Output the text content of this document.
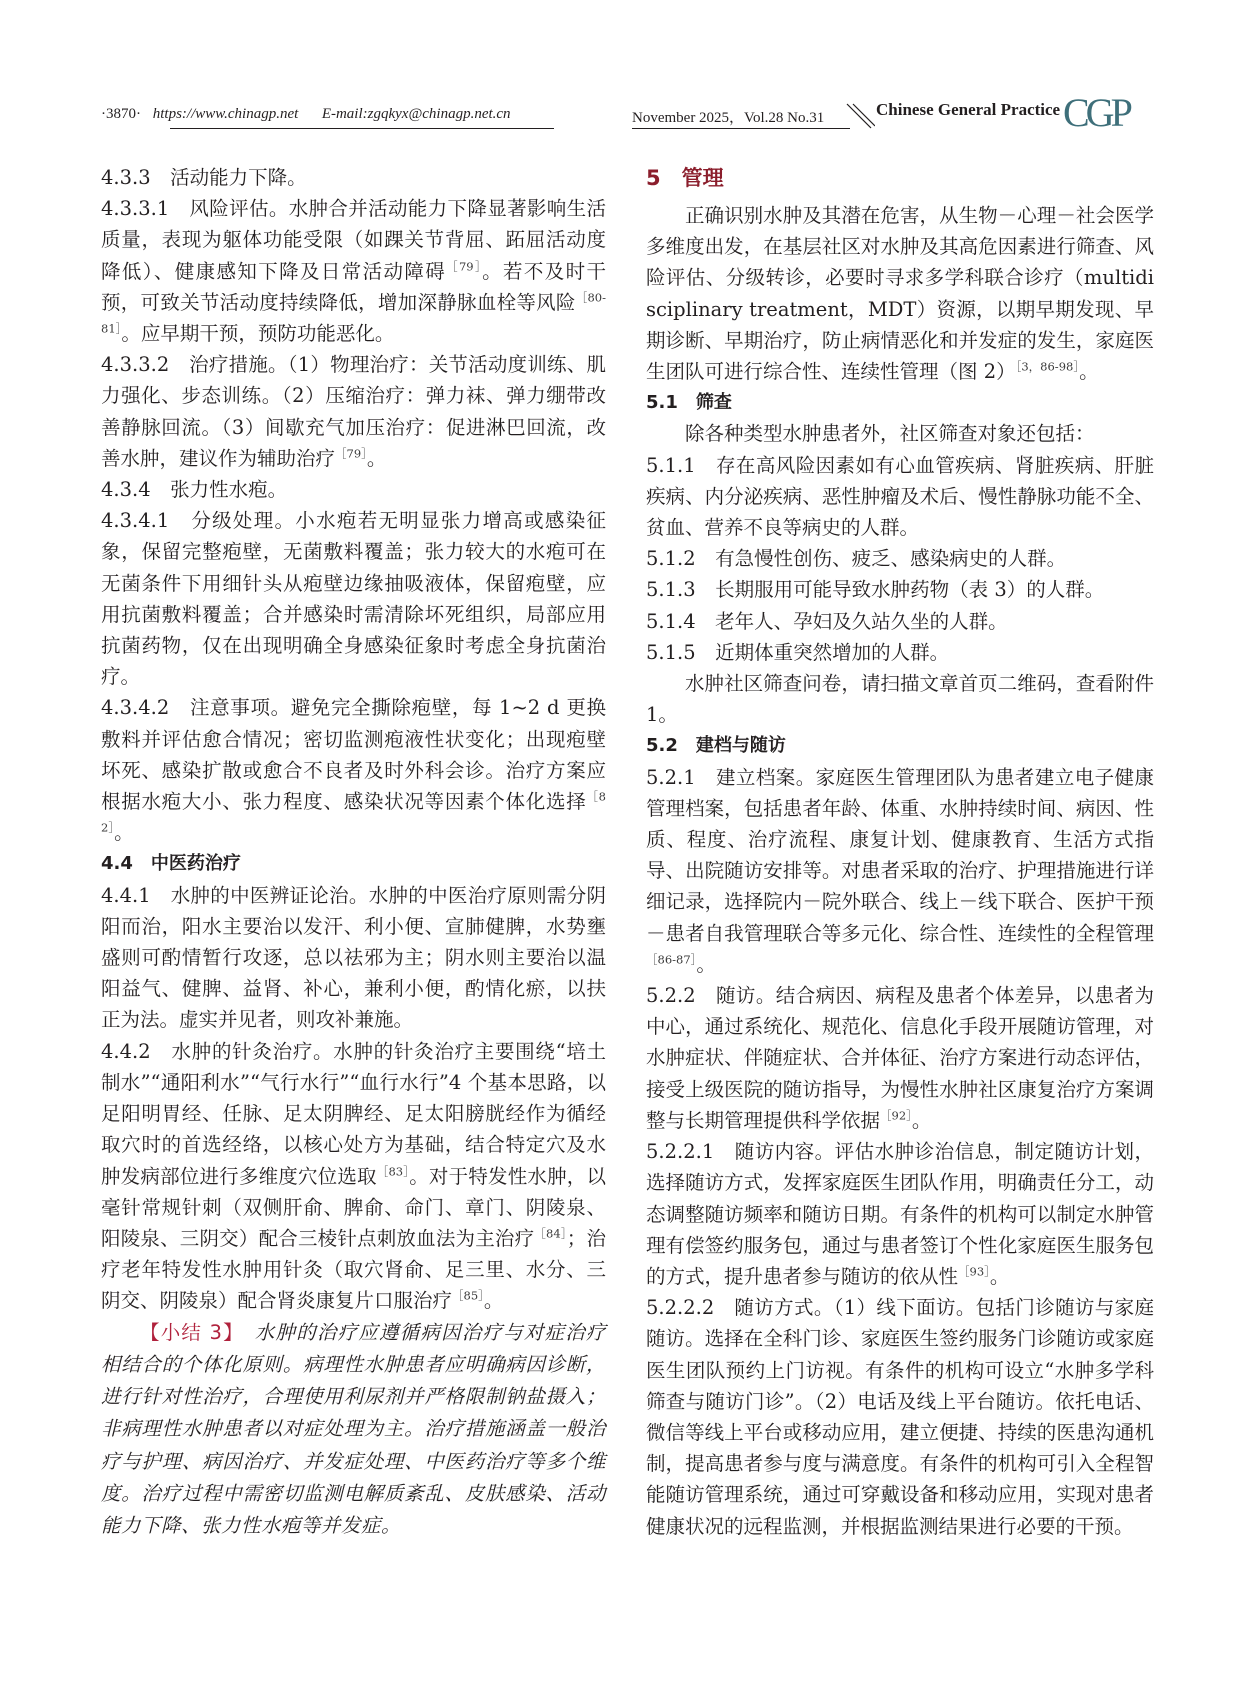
·3870· https://www.chinagp.net E-mail:zgqkyx@chinagp.net.cn	November 2025，Vol.28 No.31	Chinese General Practice CGP

4.3.3　活动能力下降。

4.3.3.1　风险评估。水肿合并活动能力下降显著影响生活质量，表现为躯体功能受限（如踝关节背屈、跖屈活动度降低）、健康感知下降及日常活动障碍$^{[79]}$。若不及时干预，可致关节活动度持续降低，增加深静脉血栓等风险$^{[80-81]}$。应早期干预，预防功能恶化。

4.3.3.2　治疗措施。（1）物理治疗：关节活动度训练、肌力强化、步态训练。（2）压缩治疗：弹力袜、弹力绷带改善静脉回流。（3）间歇充气加压治疗：促进淋巴回流，改善水肿，建议作为辅助治疗$^{[79]}$。

4.3.4　张力性水疱。

4.3.4.1　分级处理。小水疱若无明显张力增高或感染征象，保留完整疱壁，无菌敷料覆盖；张力较大的水疱可在无菌条件下用细针头从疱壁边缘抽吸液体，保留疱壁，应用抗菌敷料覆盖；合并感染时需清除坏死组织，局部应用抗菌药物，仅在出现明确全身感染征象时考虑全身抗菌治疗。

4.3.4.2　注意事项。避免完全撕除疱壁，每 1~2 d 更换敷料并评估愈合情况；密切监测疱液性状变化；出现疱壁坏死、感染扩散或愈合不良者及时外科会诊。治疗方案应根据水疱大小、张力程度、感染状况等因素个体化选择$^{[82]}$。

4.4　中医药治疗

4.4.1　水肿的中医辨证论治。水肿的中医治疗原则需分阴阳而治，阳水主要治以发汗、利小便、宣肺健脾，水势壅盛则可酌情暂行攻逐，总以祛邪为主；阴水则主要治以温阳益气、健脾、益肾、补心，兼利小便，酌情化瘀，以扶正为法。虚实并见者，则攻补兼施。

4.4.2　水肿的针灸治疗。水肿的针灸治疗主要围绕“培土制水”“通阳利水”“气行水行”“血行水行”4 个基本思路，以足阳明胃经、任脉、足太阴脾经、足太阳膀胱经作为循经取穴时的首选经络，以核心处方为基础，结合特定穴及水肿发病部位进行多维度穴位选取$^{[83]}$。对于特发性水肿，以毫针常规针刺（双侧肝俞、脾俞、命门、章门、阴陵泉、阳陵泉、三阴交）配合三棱针点刺放血法为主治疗$^{[84]}$；治疗老年特发性水肿用针灸（取穴肾俞、足三里、水分、三阴交、阴陵泉）配合肾炎康复片口服治疗$^{[85]}$。

【小结 3】　水肿的治疗应遵循病因治疗与对症治疗相结合的个体化原则。病理性水肿患者应明确病因诊断，进行针对性治疗，合理使用利尿剂并严格限制钠盐摄入；非病理性水肿患者以对症处理为主。治疗措施涵盖一般治疗与护理、病因治疗、并发症处理、中医药治疗等多个维度。治疗过程中需密切监测电解质紊乱、皮肤感染、活动能力下降、张力性水疱等并发症。

5　管理

正确识别水肿及其潜在危害，从生物－心理－社会医学多维度出发，在基层社区对水肿及其高危因素进行筛查、风险评估、分级转诊，必要时寻求多学科联合诊疗（multidisciplinary treatment，MDT）资源，以期早期发现、早期诊断、早期治疗，防止病情恶化和并发症的发生，家庭医生团队可进行综合性、连续性管理（图 2）$^{[3,86-98]}$。

5.1　筛查

除各种类型水肿患者外，社区筛查对象还包括：

5.1.1　存在高风险因素如有心血管疾病、肾脏疾病、肝脏疾病、内分泌疾病、恶性肿瘤及术后、慢性静脉功能不全、贫血、营养不良等病史的人群。

5.1.2　有急慢性创伤、疲乏、感染病史的人群。

5.1.3　长期服用可能导致水肿药物（表 3）的人群。

5.1.4　老年人、孕妇及久站久坐的人群。

5.1.5　近期体重突然增加的人群。

水肿社区筛查问卷，请扫描文章首页二维码，查看附件 1。

5.2　建档与随访

5.2.1　建立档案。家庭医生管理团队为患者建立电子健康管理档案，包括患者年龄、体重、水肿持续时间、病因、性质、程度、治疗流程、康复计划、健康教育、生活方式指导、出院随访安排等。对患者采取的治疗、护理措施进行详细记录，选择院内－院外联合、线上－线下联合、医护干预－患者自我管理联合等多元化、综合性、连续性的全程管理$^{[86-87]}$。

5.2.2　随访。结合病因、病程及患者个体差异，以患者为中心，通过系统化、规范化、信息化手段开展随访管理，对水肿症状、伴随症状、合并体征、治疗方案进行动态评估，接受上级医院的随访指导，为慢性水肿社区康复治疗方案调整与长期管理提供科学依据$^{[92]}$。

5.2.2.1　随访内容。评估水肿诊治信息，制定随访计划，选择随访方式，发挥家庭医生团队作用，明确责任分工，动态调整随访频率和随访日期。有条件的机构可以制定水肿管理有偿签约服务包，通过与患者签订个性化家庭医生服务包的方式，提升患者参与随访的依从性$^{[93]}$。

5.2.2.2　随访方式。（1）线下面访。包括门诊随访与家庭随访。选择在全科门诊、家庭医生签约服务门诊随访或家庭医生团队预约上门访视。有条件的机构可设立“水肿多学科筛查与随访门诊”。（2）电话及线上平台随访。依托电话、微信等线上平台或移动应用，建立便捷、持续的医患沟通机制，提高患者参与度与满意度。有条件的机构可引入全程智能随访管理系统，通过可穿戴设备和移动应用，实现对患者健康状况的远程监测，并根据监测结果进行必要的干预。
